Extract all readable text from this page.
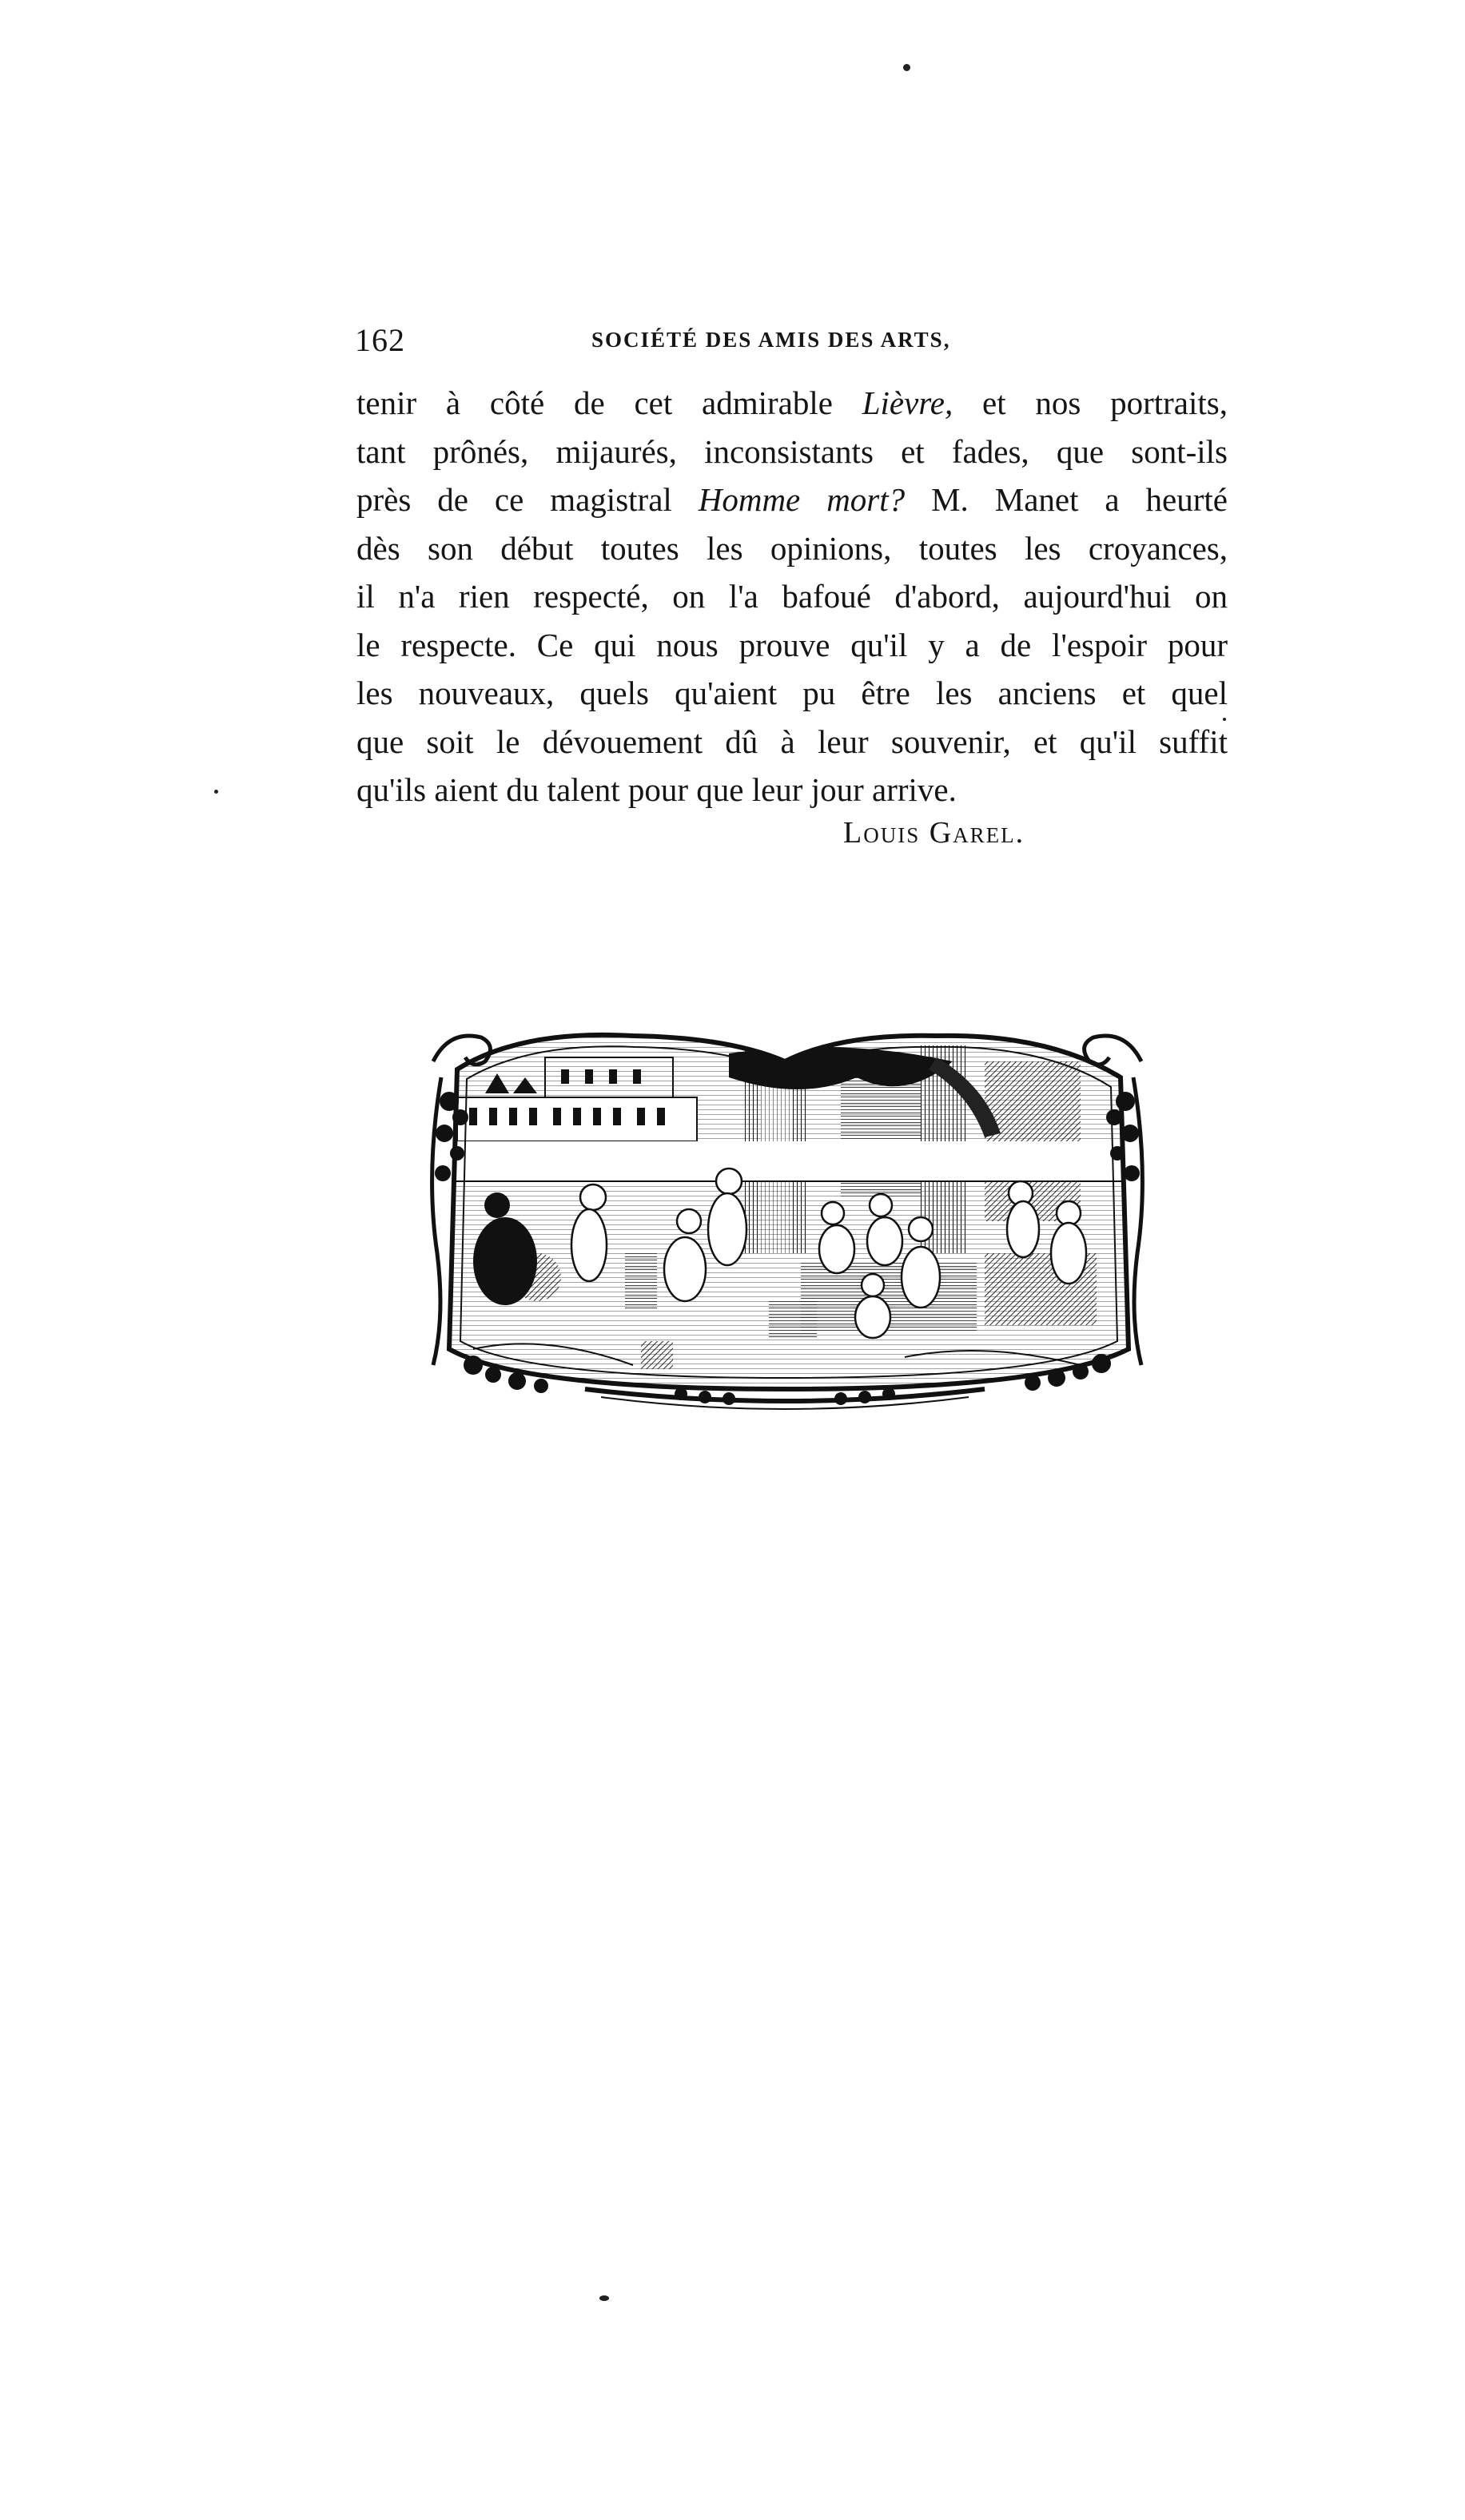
162	SOCIÉTÉ DES AMIS DES ARTS,
tenir à côté de cet admirable Lièvre, et nos portraits,
tant prônés, mijaurés, inconsistants et fades, que sont-ils
près de ce magistral Homme mort? M. Manet a heurté
dès son début toutes les opinions, toutes les croyances,
il n'a rien respecté, on l'a bafoué d'abord, aujourd'hui on
le respecte. Ce qui nous prouve qu'il y a de l'espoir pour
les nouveaux, quels qu'aient pu être les anciens et quel
que soit le dévouement dû à leur souvenir, et qu'il suffit
qu'ils aient du talent pour que leur jour arrive.
Louis Garel.
